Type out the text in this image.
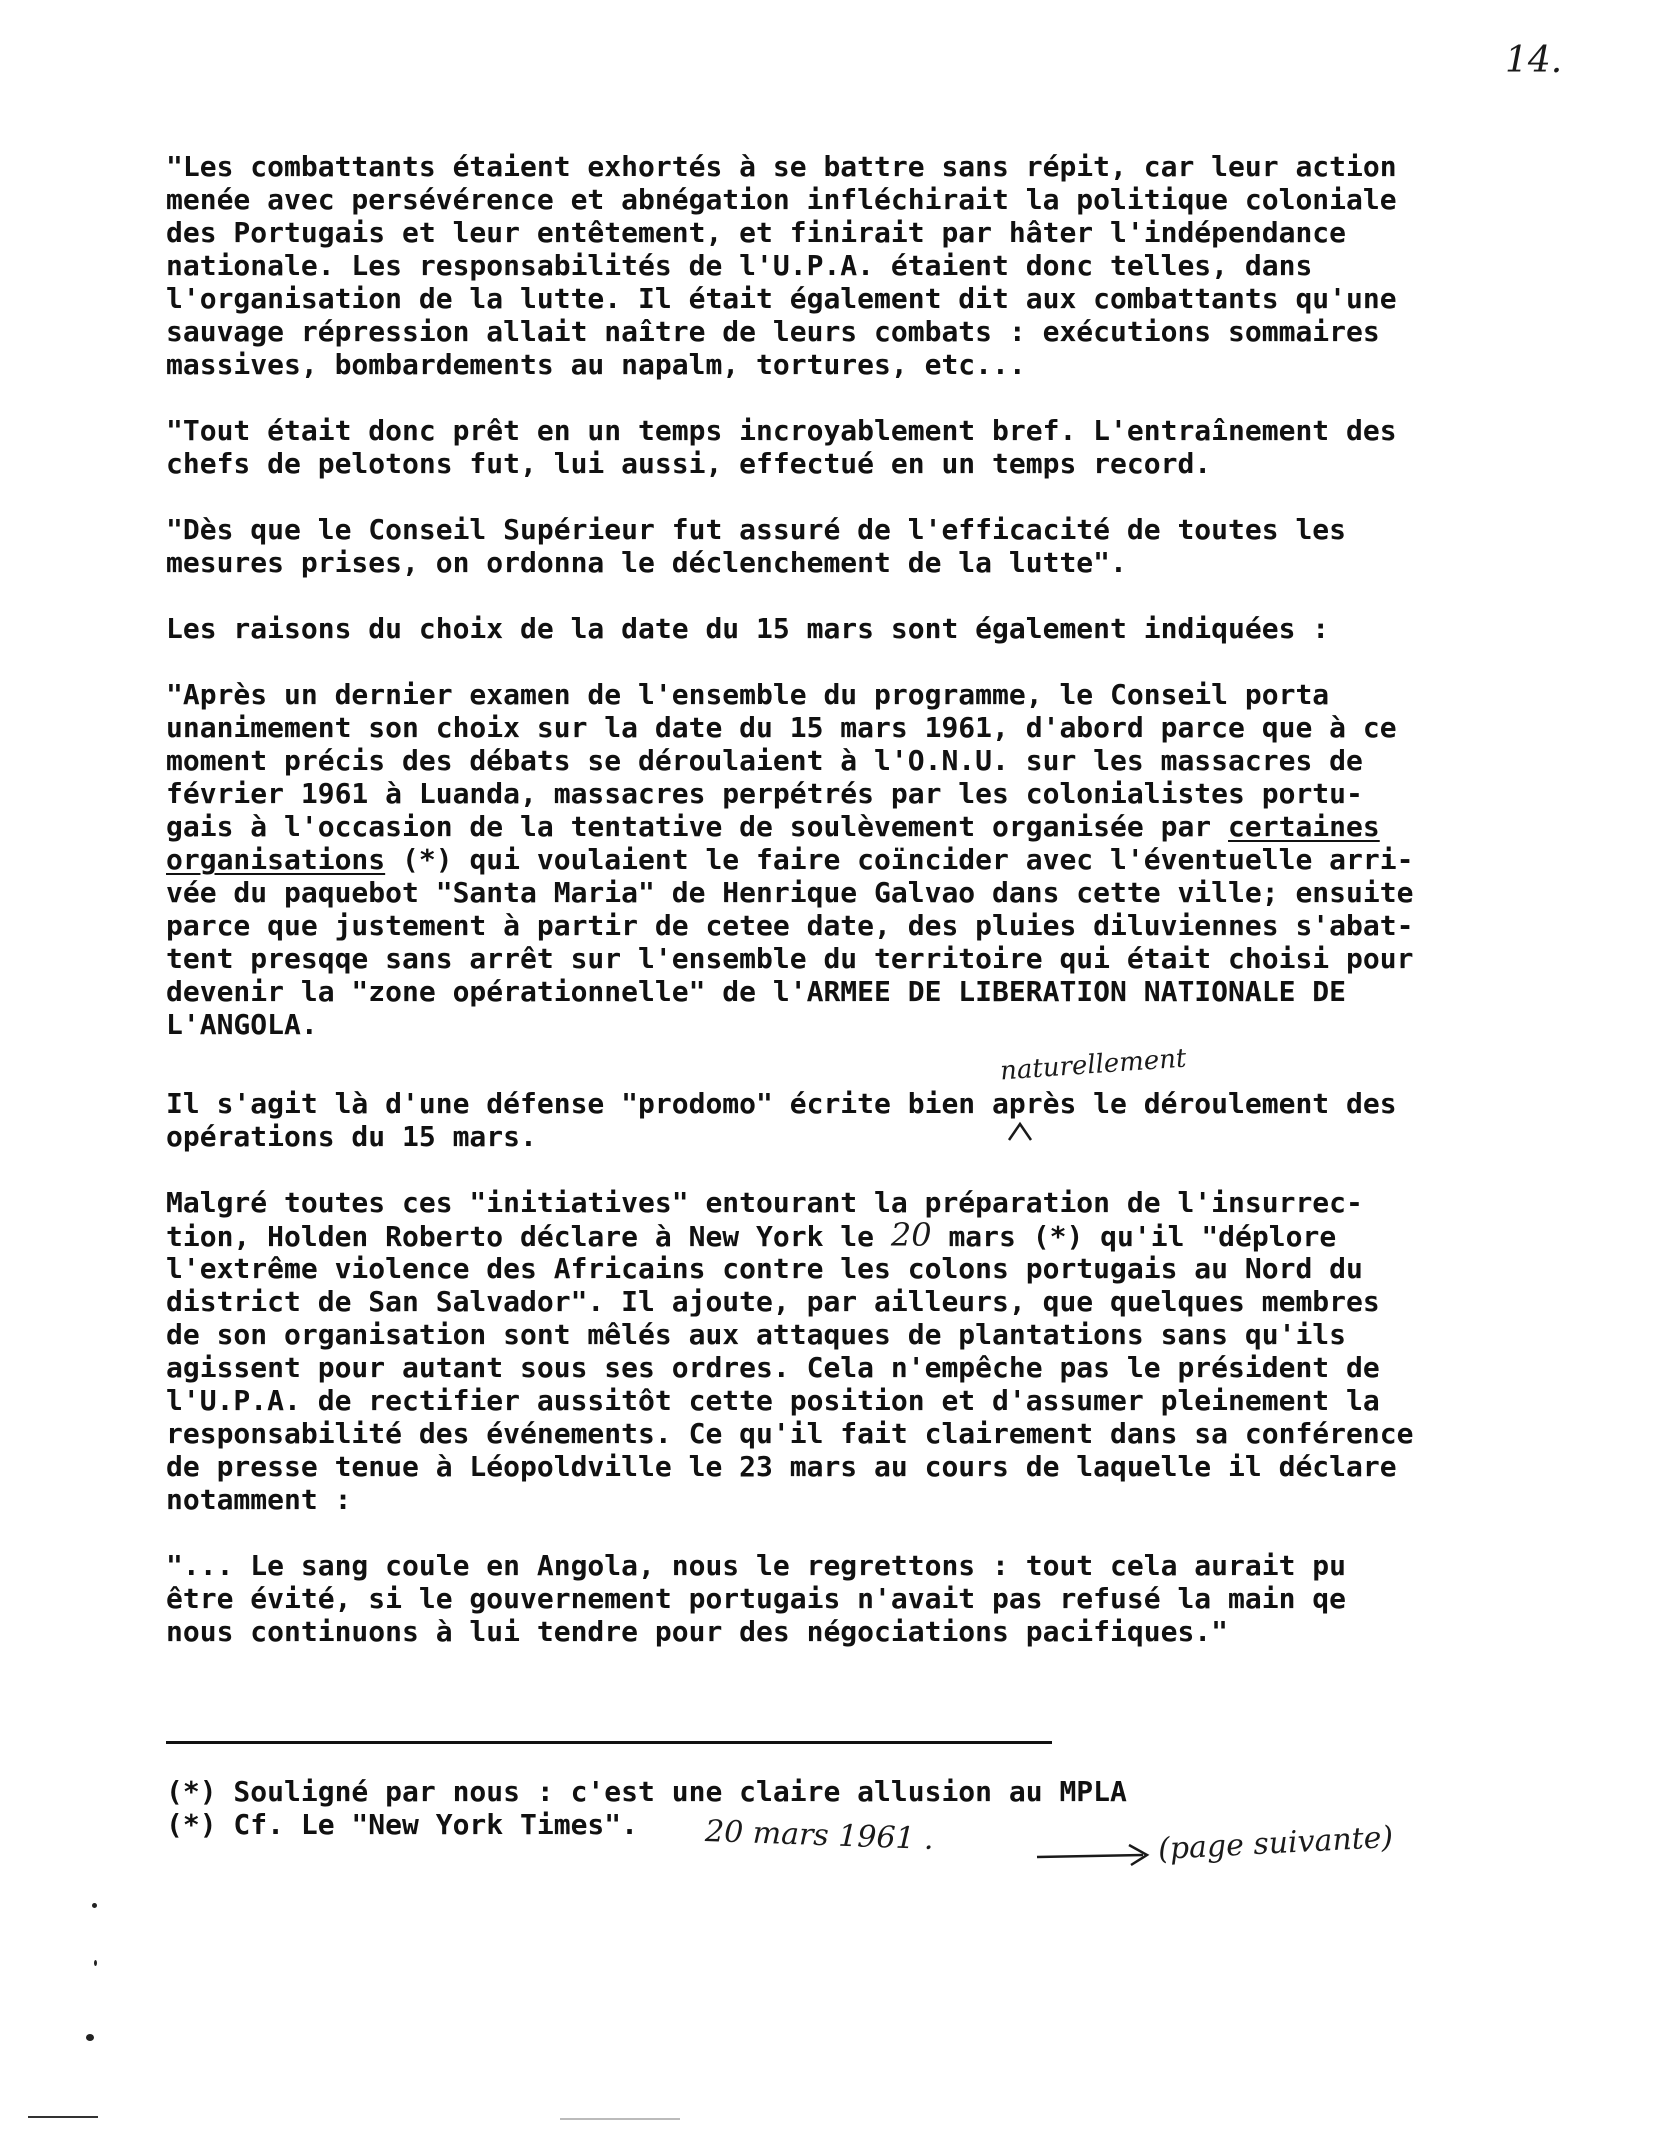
14.

"Les combattants étaient exhortés à se battre sans répit, car leur action

menée avec persévérence et abnégation infléchirait la politique coloniale

des Portugais et leur entêtement, et finirait par hâter l'indépendance

nationale. Les responsabilités de l'U.P.A. étaient donc telles, dans

l'organisation de la lutte. Il était également dit aux combattants qu'une

sauvage répression allait naître de leurs combats : exécutions sommaires

massives, bombardements au napalm, tortures, etc...

"Tout était donc prêt en un temps incroyablement bref. L'entraînement des

chefs de pelotons fut, lui aussi, effectué en un temps record.

"Dès que le Conseil Supérieur fut assuré de l'efficacité de toutes les

mesures prises, on ordonna le déclenchement de la lutte".

Les raisons du choix de la date du 15 mars sont également indiquées :

"Après un dernier examen de l'ensemble du programme, le Conseil porta

unanimement son choix sur la date du 15 mars 1961, d'abord parce que à ce

moment précis des débats se déroulaient à l'O.N.U. sur les massacres de

février 1961 à Luanda, massacres perpétrés par les colonialistes portu-

gais à l'occasion de la tentative de soulèvement organisée par certaines

organisations (*) qui voulaient le faire coïncider avec l'éventuelle arri-

vée du paquebot "Santa Maria" de Henrique Galvao dans cette ville; ensuite

parce que justement à partir de cetee date, des pluies diluviennes s'abat-

tent presqqe sans arrêt sur l'ensemble du territoire qui était choisi pour

devenir la "zone opérationnelle" de l'ARMEE DE LIBERATION NATIONALE DE

L'ANGOLA.

naturellement

Il s'agit là d'une défense "prodomo" écrite bien après le déroulement des

opérations du 15 mars.

Malgré toutes ces "initiatives" entourant la préparation de l'insurrec-

tion, Holden Roberto déclare à New York le 20 mars (*) qu'il "déplore

l'extrême violence des Africains contre les colons portugais au Nord du

district de San Salvador". Il ajoute, par ailleurs, que quelques membres

de son organisation sont mêlés aux attaques de plantations sans qu'ils

agissent pour autant sous ses ordres. Cela n'empêche pas le président de

l'U.P.A. de rectifier aussitôt cette position et d'assumer pleinement la

responsabilité des événements. Ce qu'il fait clairement dans sa conférence

de presse tenue à Léopoldville le 23 mars au cours de laquelle il déclare

notamment :

"... Le sang coule en Angola, nous le regrettons : tout cela aurait pu

être évité, si le gouvernement portugais n'avait pas refusé la main qe

nous continuons à lui tendre pour des négociations pacifiques."

(*) Souligné par nous : c'est une claire allusion au MPLA

(*) Cf. Le "New York Times". 20 mars 1961 .	(page suivante)
